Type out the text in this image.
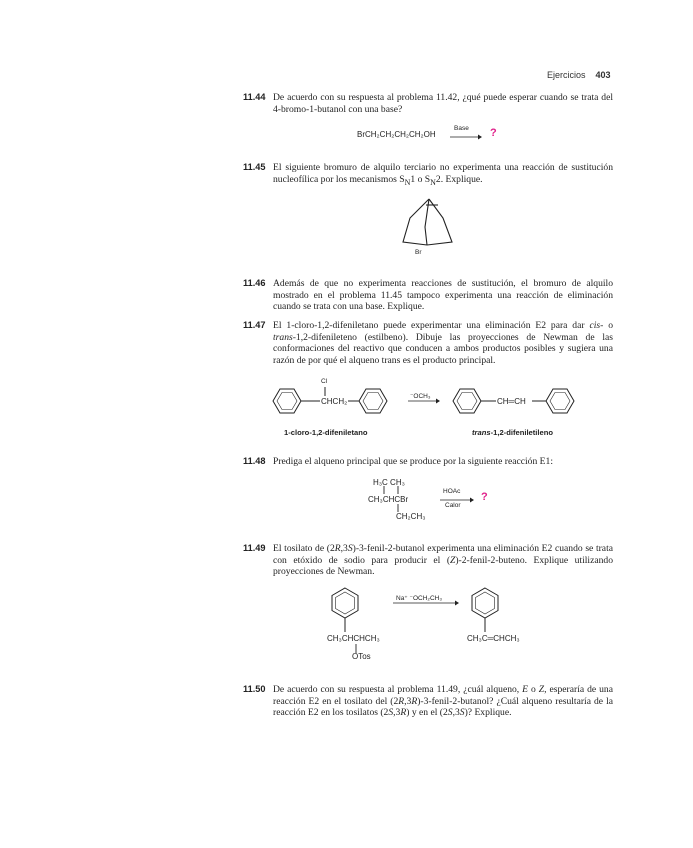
Ejercicios 403
11.44 De acuerdo con su respuesta al problema 11.42, ¿qué puede esperar cuando se trata del 4-bromo-1-butanol con una base?
BrCH₂CH₂CH₂CH₂OH
Base → ?
11.45 El siguiente bromuro de alquilo terciario no experimenta una reacción de sustitución nucleofílica por los mecanismos $S_N1$ o $S_N2$. Explique.
Br
11.46 Además de que no experimenta reacciones de sustitución, el bromuro de alquilo mostrado en el problema 11.45 tampoco experimenta una reacción de eliminación cuando se trata con una base. Explique.
11.47 El 1-cloro-1,2-difeniletano puede experimentar una eliminación E2 para dar cis- o trans-1,2-difenileteno (estilbeno). Dibuje las proyecciones de Newman de las conformaciones del reactivo que conducen a ambos productos posibles y sugiera una razón de por qué el alqueno trans es el producto principal.
Cl
CHCH₂
⁻OCH₃
CH═CH
1-cloro-1,2-difeniletano	trans-1,2-difeniletileno
11.48 Prediga el alqueno principal que se produce por la siguiente reacción E1:
H₃C CH₃
CH₃CHCBr
CH₂CH₃
HOAc
Calor
?
11.49 El tosilato de (2R,3S)-3-fenil-2-butanol experimenta una eliminación E2 cuando se trata con etóxido de sodio para producir el (Z)-2-fenil-2-buteno. Explique utilizando proyecciones de Newman.
Na⁺ ⁻OCH₂CH₃
CH₃CHCHCH₃
OTos
CH₃C═CHCH₃
11.50 De acuerdo con su respuesta al problema 11.49, ¿cuál alqueno, E o Z, esperaría de una reacción E2 en el tosilato del (2R,3R)-3-fenil-2-butanol? ¿Cuál alqueno resultaría de la reacción E2 en los tosilatos (2S,3R) y en el (2S,3S)? Explique.
